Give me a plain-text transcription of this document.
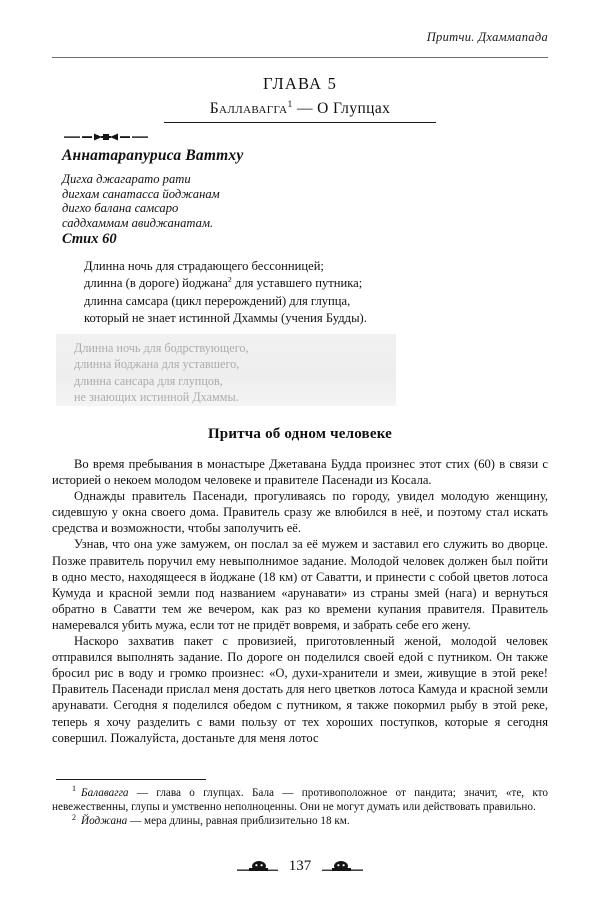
Притчи. Дхаммапада
ГЛАВА 5
Баллавагга$^1$ — О Глупцах
Аннатарапуриса Ваттху
Дигха джагарато рати
дигхам санатасса йоджанам
дигхо балана самсаро
саддхаммам авиджанатам.
Стих 60
Длинна ночь для страдающего бессонницей;
длинна (в дороге) йоджана$^2$ для уставшего путника;
длинна самсара (цикл перерождений) для глупца,
который не знает истинной Дхаммы (учения Будды).
Длинна ночь для бодрствующего,
длинна йоджана для уставшего,
длинна сансара для глупцов,
не знающих истинной Дхаммы.
Притча об одном человеке

Во время пребывания в монастыре Джетавана Будда произнес этот стих (60) в связи с историей о некоем молодом человеке и правителе Пасенади из Косала.

Однажды правитель Пасенади, прогуливаясь по городу, увидел молодую женщину, сидевшую у окна своего дома. Правитель сразу же влюбился в неё, и поэтому стал искать средства и возможности, чтобы заполучить её.

Узнав, что она уже замужем, он послал за её мужем и заставил его служить во дворце. Позже правитель поручил ему невыполнимое задание. Молодой человек должен был пойти в одно место, находящееся в йоджане (18 км) от Саватти, и принести с собой цветов лотоса Кумуда и красной земли под названием «арунавати» из страны змей (нага) и вернуться обратно в Саватти тем же вечером, как раз ко времени купания правителя. Правитель намеревался убить мужа, если тот не придёт вовремя, и забрать себе его жену.

Наскоро захватив пакет с провизией, приготовленный женой, молодой человек отправился выполнять задание. По дороге он поделился своей едой с путником. Он также бросил рис в воду и громко произнес: «О, духи-хранители и змеи, живущие в этой реке! Правитель Пасенади прислал меня достать для него цветков лотоса Камуда и красной земли арунавати. Сегодня я поделился обедом с путником, я также покормил рыбу в этой реке, теперь я хочу разделить с вами пользу от тех хороших поступков, которые я сегодня совершил. Пожалуйста, достаньте для меня лотос

$^1$ Балавагга — глава о глупцах. Бала — противоположное от пандита; значит, «те, кто невежественны, глупы и умственно неполноценны. Они не могут думать или действовать правильно.

$^2$ Йоджана — мера длины, равная приблизительно 18 км.

137
